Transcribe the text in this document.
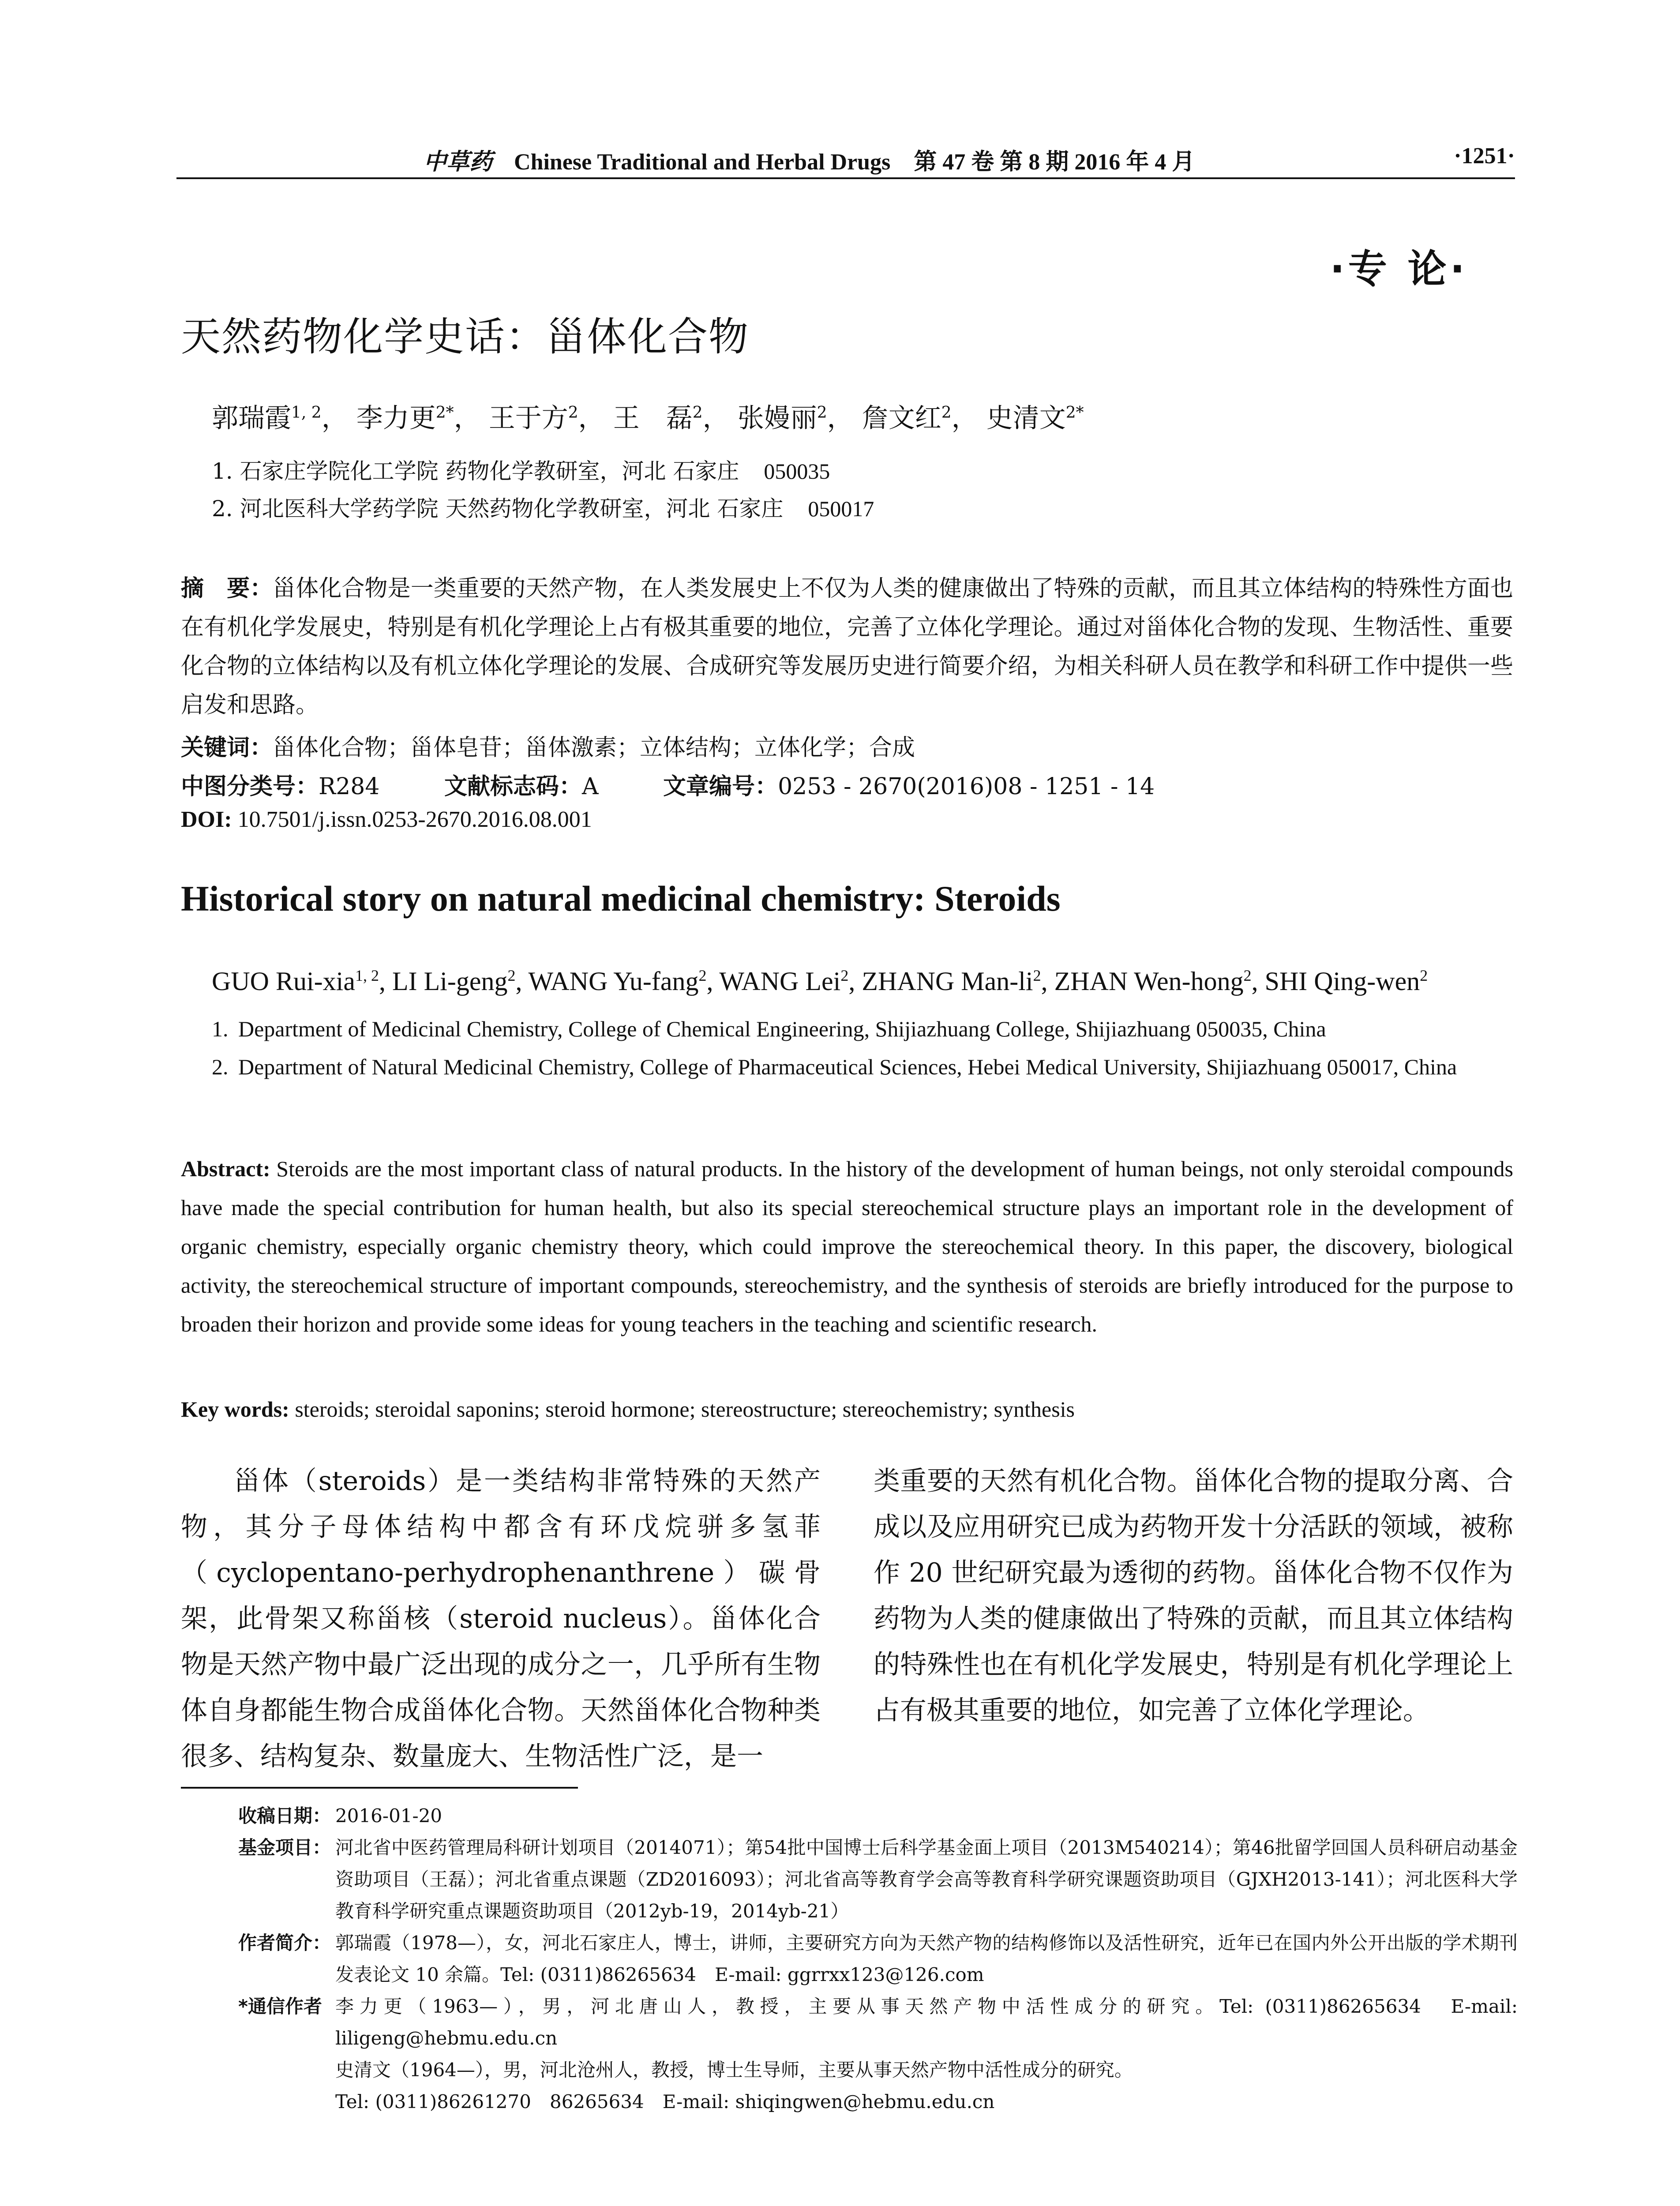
中草药 Chinese Traditional and Herbal Drugs 第 47 卷 第 8 期 2016 年 4 月	·1251·
·专 论·
天然药物化学史话：甾体化合物
郭瑞霞$^{1, 2}$， 李力更$^{2*}$， 王于方$^2$， 王　磊$^2$， 张嫚丽$^2$， 詹文红$^2$， 史清文$^{2*}$
1. 石家庄学院化工学院 药物化学教研室，河北 石家庄 050035
2. 河北医科大学药学院 天然药物化学教研室，河北 石家庄 050017
摘　要：甾体化合物是一类重要的天然产物，在人类发展史上不仅为人类的健康做出了特殊的贡献，而且其立体结构的特殊性方面也在有机化学发展史，特别是有机化学理论上占有极其重要的地位，完善了立体化学理论。通过对甾体化合物的发现、生物活性、重要化合物的立体结构以及有机立体化学理论的发展、合成研究等发展历史进行简要介绍，为相关科研人员在教学和科研工作中提供一些启发和思路。
关键词：甾体化合物；甾体皂苷；甾体激素；立体结构；立体化学；合成
中图分类号：R284	文献标志码：A	文章编号：0253 - 2670(2016)08 - 1251 - 14
DOI: 10.7501/j.issn.0253-2670.2016.08.001
Historical story on natural medicinal chemistry: Steroids
GUO Rui-xia$^{1, 2}$, LI Li-geng$^2$, WANG Yu-fang$^2$, WANG Lei$^2$, ZHANG Man-$li^2$, ZHAN Wen-hong$^2$, SHI Qing-wen$^2$
1. Department of Medicinal Chemistry, College of Chemical Engineering, Shijiazhuang College, Shijiazhuang 050035, China
2. Department of Natural Medicinal Chemistry, College of Pharmaceutical Sciences, Hebei Medical University, Shijiazhuang 050017, China
Abstract: Steroids are the most important class of natural products. In the history of the development of human beings, not only steroidal compounds have made the special contribution for human health, but also its special stereochemical structure plays an important role in the development of organic chemistry, especially organic chemistry theory, which could improve the stereochemical theory. In this paper, the discovery, biological activity, the stereochemical structure of important compounds, stereochemistry, and the synthesis of steroids are briefly introduced for the purpose to broaden their horizon and provide some ideas for young teachers in the teaching and scientific research.
Key words: steroids; steroidal saponins; steroid hormone; stereostructure; stereochemistry; synthesis
甾体（steroids）是一类结构非常特殊的天然产物，其分子母体结构中都含有环戊烷骈多氢菲（cyclopentano-perhydrophenanthrene）碳骨架，此骨架又称甾核（steroid nucleus）。甾体化合物是天然产物中最广泛出现的成分之一，几乎所有生物体自身都能生物合成甾体化合物。天然甾体化合物种类很多、结构复杂、数量庞大、生物活性广泛，是一
类重要的天然有机化合物。甾体化合物的提取分离、合成以及应用研究已成为药物开发十分活跃的领域，被称作 20 世纪研究最为透彻的药物。甾体化合物不仅作为药物为人类的健康做出了特殊的贡献，而且其立体结构的特殊性也在有机化学发展史，特别是有机化学理论上占有极其重要的地位，如完善了立体化学理论。
收稿日期： 2016-01-20
基金项目： 河北省中医药管理局科研计划项目（2014071）；第54批中国博士后科学基金面上项目（2013M540214）；第46批留学回国人员科研启动基金资助项目（王磊）；河北省重点课题（ZD2016093）；河北省高等教育学会高等教育科学研究课题资助项目（GJXH2013-141）；河北医科大学教育科学研究重点课题资助项目（2012yb-19，2014yb-21）
作者简介： 郭瑞霞（1978—），女，河北石家庄人，博士，讲师，主要研究方向为天然产物的结构修饰以及活性研究，近年已在国内外公开出版的学术期刊发表论文 10 余篇。Tel: (0311)86265634　E-mail: ggrrxx123@126.com
*通信作者 李力更（1963—），男，河北唐山人，教授，主要从事天然产物中活性成分的研究。Tel: (0311)86265634　E-mail: liligeng@hebmu.edu.cn
史清文（1964—），男，河北沧州人，教授，博士生导师，主要从事天然产物中活性成分的研究。
Tel: (0311)86261270　86265634　E-mail: shiqingwen@hebmu.edu.cn
